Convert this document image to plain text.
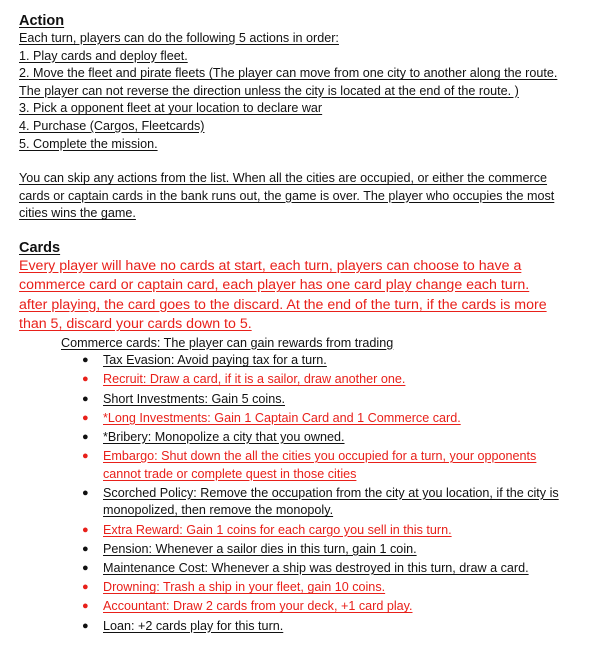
Action

Each turn, players can do the following 5 actions in order:

1. Play cards and deploy fleet.

2. Move the fleet and pirate fleets (The player can move from one city to another along the route. The player can not reverse the direction unless the city is located at the end of the route. )

3. Pick a opponent fleet at your location to declare war

4. Purchase (Cargos, Fleetcards)

5. Complete the mission.

You can skip any actions from the list. When all the cities are occupied, or either the commerce cards or captain cards in the bank runs out, the game is over. The player who occupies the most cities wins the game.

Cards

Every player will have no cards at start, each turn, players can choose to have a commerce card or captain card, each player has one card play change each turn. after playing, the card goes to the discard. At the end of the turn, if the cards is more than 5, discard your cards down to 5.

Commerce cards: The player can gain rewards from trading
●	Tax Evasion: Avoid paying tax for a turn.
●	Recruit: Draw a card, if it is a sailor, draw another one.
●	Short Investments: Gain 5 coins.
●	*Long Investments: Gain 1 Captain Card and 1 Commerce card.
●	*Bribery: Monopolize a city that you owned.
●	Embargo: Shut down the all the cities you occupied for a turn, your opponents cannot trade or complete quest in those cities
●	Scorched Policy: Remove the occupation from the city at you location, if the city is monopolized, then remove the monopoly.
●	Extra Reward: Gain 1 coins for each cargo you sell in this turn.
●	Pension: Whenever a sailor dies in this turn, gain 1 coin.
●	Maintenance Cost: Whenever a ship was destroyed in this turn, draw a card.
●	Drowning: Trash a ship in your fleet, gain 10 coins.
●	Accountant: Draw 2 cards from your deck, +1 card play.
●	Loan: +2 cards play for this turn.
